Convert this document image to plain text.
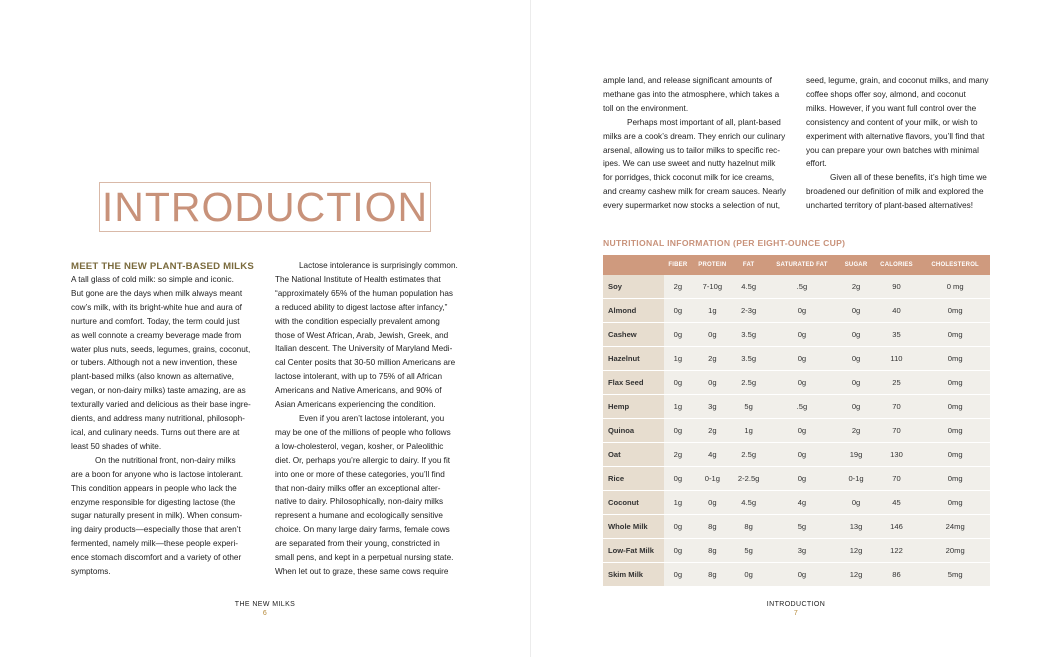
INTRODUCTION
MEET THE NEW PLANT-BASED MILKS
A tall glass of cold milk: so simple and iconic.
But gone are the days when milk always meant
cow’s milk, with its bright-white hue and aura of
nurture and comfort. Today, the term could just
as well connote a creamy beverage made from
water plus nuts, seeds, legumes, grains, coconut,
or tubers. Although not a new invention, these
plant-based milks (also known as alternative,
vegan, or non-dairy milks) taste amazing, are as
texturally varied and delicious as their base ingre-
dients, and address many nutritional, philosoph-
ical, and culinary needs. Turns out there are at
least 50 shades of white.
On the nutritional front, non-dairy milks
are a boon for anyone who is lactose intolerant.
This condition appears in people who lack the
enzyme responsible for digesting lactose (the
sugar naturally present in milk). When consum-
ing dairy products—especially those that aren’t
fermented, namely milk—these people experi-
ence stomach discomfort and a variety of other
symptoms.
Lactose intolerance is surprisingly common.
The National Institute of Health estimates that
“approximately 65% of the human population has
a reduced ability to digest lactose after infancy,”
with the condition especially prevalent among
those of West African, Arab, Jewish, Greek, and
Italian descent. The University of Maryland Medi-
cal Center posits that 30-50 million Americans are
lactose intolerant, with up to 75% of all African
Americans and Native Americans, and 90% of
Asian Americans experiencing the condition.
Even if you aren’t lactose intolerant, you
may be one of the millions of people who follows
a low-cholesterol, vegan, kosher, or Paleolithic
diet. Or, perhaps you’re allergic to dairy. If you fit
into one or more of these categories, you’ll find
that non-dairy milks offer an exceptional alter-
native to dairy. Philosophically, non-dairy milks
represent a humane and ecologically sensitive
choice. On many large dairy farms, female cows
are separated from their young, constricted in
small pens, and kept in a perpetual nursing state.
When let out to graze, these same cows require
THE NEW MILKS
6
ample land, and release significant amounts of
methane gas into the atmosphere, which takes a
toll on the environment.
Perhaps most important of all, plant-based
milks are a cook’s dream. They enrich our culinary
arsenal, allowing us to tailor milks to specific rec-
ipes. We can use sweet and nutty hazelnut milk
for porridges, thick coconut milk for ice creams,
and creamy cashew milk for cream sauces. Nearly
every supermarket now stocks a selection of nut,
seed, legume, grain, and coconut milks, and many
coffee shops offer soy, almond, and coconut
milks. However, if you want full control over the
consistency and content of your milk, or wish to
experiment with alternative flavors, you’ll find that
you can prepare your own batches with minimal
effort.
Given all of these benefits, it’s high time we
broadened our definition of milk and explored the
uncharted territory of plant-based alternatives!
NUTRITIONAL INFORMATION (PER EIGHT-OUNCE CUP)
	FIBER	PROTEIN	FAT	SATURATED FAT	SUGAR	CALORIES	CHOLESTEROL
Soy	2g	7-10g	4.5g	.5g	2g	90	0 mg
Almond	0g	1g	2-3g	0g	0g	40	0mg
Cashew	0g	0g	3.5g	0g	0g	35	0mg
Hazelnut	1g	2g	3.5g	0g	0g	110	0mg
Flax Seed	0g	0g	2.5g	0g	0g	25	0mg
Hemp	1g	3g	5g	.5g	0g	70	0mg
Quinoa	0g	2g	1g	0g	2g	70	0mg
Oat	2g	4g	2.5g	0g	19g	130	0mg
Rice	0g	0-1g	2-2.5g	0g	0-1g	70	0mg
Coconut	1g	0g	4.5g	4g	0g	45	0mg
Whole Milk	0g	8g	8g	5g	13g	146	24mg
Low-Fat Milk	0g	8g	5g	3g	12g	122	20mg
Skim Milk	0g	8g	0g	0g	12g	86	5mg
INTRODUCTION
7
